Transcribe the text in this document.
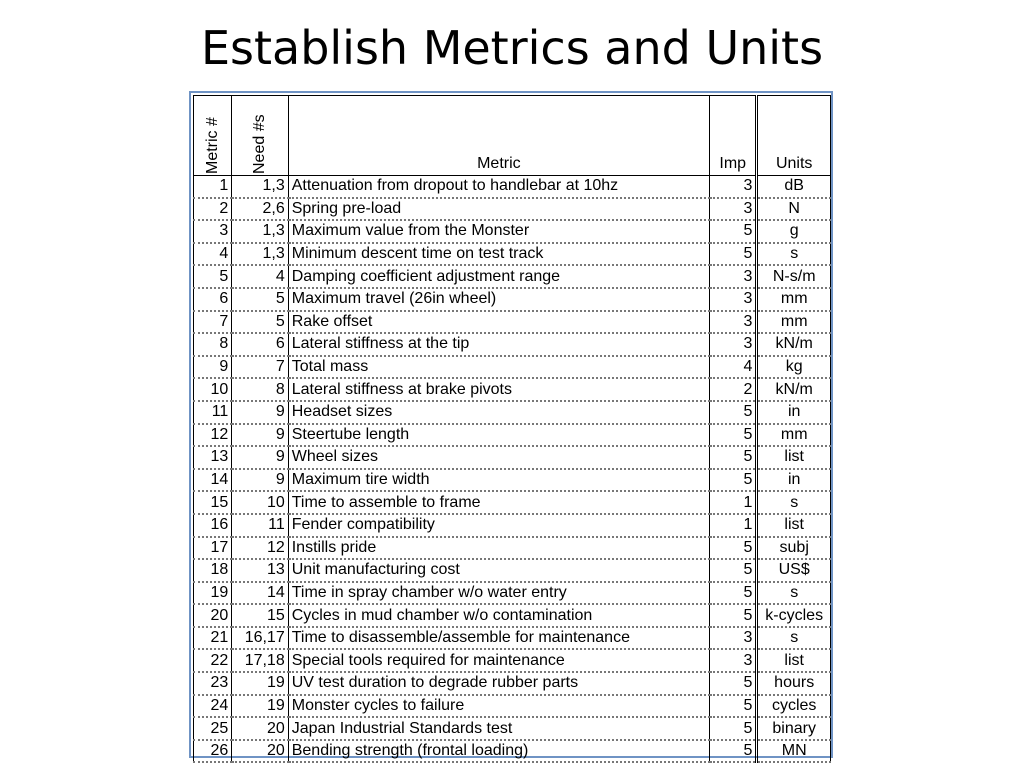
Establish Metrics and Units
Metric #	Need #s	Metric	Imp	Units
1	1,3	Attenuation from dropout to handlebar at 10hz	3	dB
2	2,6	Spring pre-load	3	N
3	1,3	Maximum value from the Monster	5	g
4	1,3	Minimum descent time on test track	5	s
5	4	Damping coefficient adjustment range	3	N-s/m
6	5	Maximum travel (26in wheel)	3	mm
7	5	Rake offset	3	mm
8	6	Lateral stiffness at the tip	3	kN/m
9	7	Total mass	4	kg
10	8	Lateral stiffness at brake pivots	2	kN/m
11	9	Headset sizes	5	in
12	9	Steertube length	5	mm
13	9	Wheel sizes	5	list
14	9	Maximum tire width	5	in
15	10	Time to assemble to frame	1	s
16	11	Fender compatibility	1	list
17	12	Instills pride	5	subj
18	13	Unit manufacturing cost	5	US$
19	14	Time in spray chamber w/o water entry	5	s
20	15	Cycles in mud chamber w/o contamination	5	k-cycles
21	16,17	Time to disassemble/assemble for maintenance	3	s
22	17,18	Special tools required for maintenance	3	list
23	19	UV test duration to degrade rubber parts	5	hours
24	19	Monster cycles to failure	5	cycles
25	20	Japan Industrial Standards test	5	binary
26	20	Bending strength (frontal loading)	5	MN
